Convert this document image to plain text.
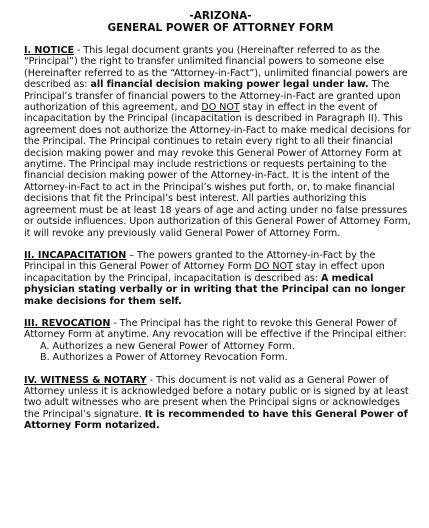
-ARIZONA-
GENERAL POWER OF ATTORNEY FORM

I. NOTICE - This legal document grants you (Hereinafter referred to as the “Principal”) the right to transfer unlimited financial powers to someone else (Hereinafter referred to as the “Attorney-in-Fact”), unlimited financial powers are described as: all financial decision making power legal under law. The Principal’s transfer of financial powers to the Attorney-in-Fact are granted upon authorization of this agreement, and DO NOT stay in effect in the event of incapacitation by the Principal (incapacitation is described in Paragraph II). This agreement does not authorize the Attorney-in-Fact to make medical decisions for the Principal. The Principal continues to retain every right to all their financial decision making power and may revoke this General Power of Attorney Form at anytime. The Principal may include restrictions or requests pertaining to the financial decision making power of the Attorney-in-Fact. It is the intent of the Attorney-in-Fact to act in the Principal’s wishes put forth, or, to make financial decisions that fit the Principal’s best interest. All parties authorizing this agreement must be at least 18 years of age and acting under no false pressures or outside influences. Upon authorization of this General Power of Attorney Form, it will revoke any previously valid General Power of Attorney Form.

II. INCAPACITATION – The powers granted to the Attorney-in-Fact by the Principal in this General Power of Attorney Form DO NOT stay in effect upon incapacitation by the Principal, incapacitation is described as: A medical physician stating verbally or in writing that the Principal can no longer make decisions for them self.

III. REVOCATION - The Principal has the right to revoke this General Power of Attorney Form at anytime. Any revocation will be effective if the Principal either:

A. Authorizes a new General Power of Attorney Form.
B. Authorizes a Power of Attorney Revocation Form.

IV. WITNESS & NOTARY - This document is not valid as a General Power of Attorney unless it is acknowledged before a notary public or is signed by at least two adult witnesses who are present when the Principal signs or acknowledges the Principal’s signature. It is recommended to have this General Power of Attorney Form notarized.
